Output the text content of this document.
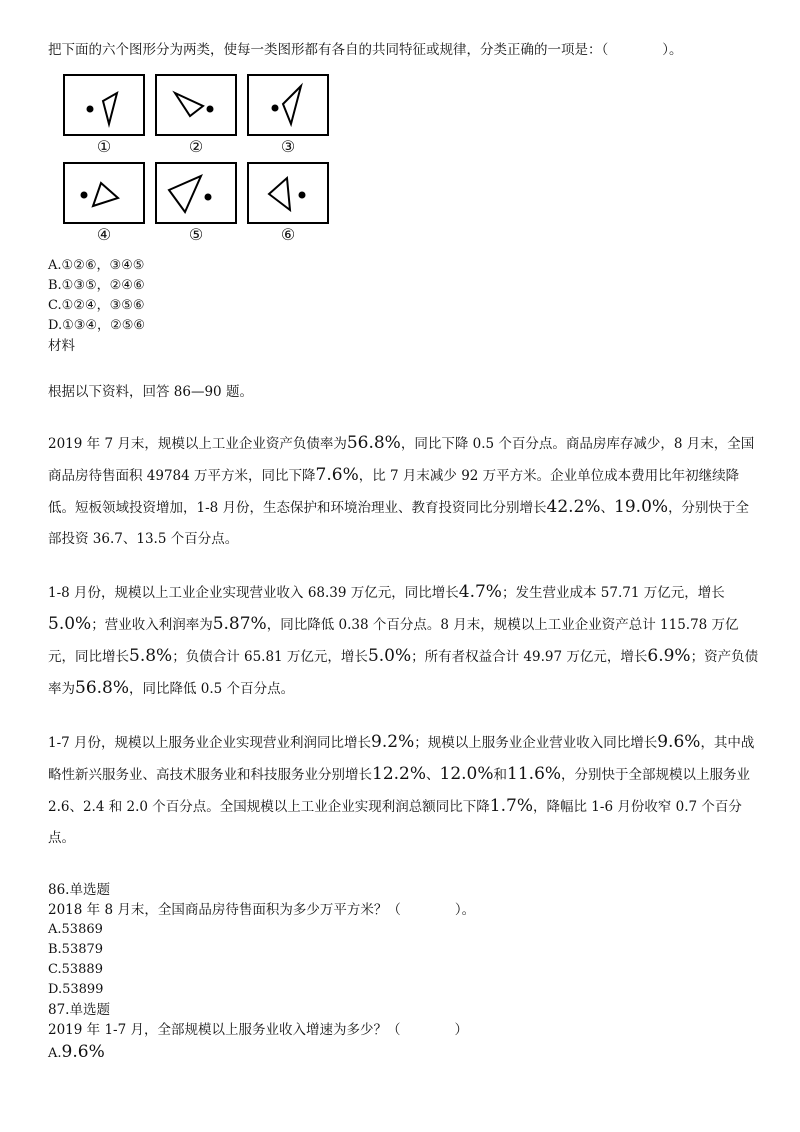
把下面的六个图形分为两类，使每一类图形都有各自的共同特征或规律，分类正确的一项是：（　　　　）。
①	②	③
④	⑤	⑥
A.①②⑥，③④⑤
B.①③⑤，②④⑥
C.①②④，③⑤⑥
D.①③④，②⑤⑥
材料
根据以下资料，回答 86—90 题。

2019 年 7 月末，规模以上工业企业资产负债率为56.8%，同比下降 0.5 个百分点。商品房库存减少，8 月末，全国商品房待售面积 49784 万平方米，同比下降7.6%，比 7 月末减少 92 万平方米。企业单位成本费用比年初继续降低。短板领域投资增加，1-8 月份，生态保护和环境治理业、教育投资同比分别增长42.2%、19.0%，分别快于全部投资 36.7、13.5 个百分点。

1-8 月份，规模以上工业企业实现营业收入 68.39 万亿元，同比增长4.7%；发生营业成本 57.71 万亿元，增长5.0%；营业收入利润率为5.87%，同比降低 0.38 个百分点。8 月末，规模以上工业企业资产总计 115.78 万亿元，同比增长5.8%；负债合计 65.81 万亿元，增长5.0%；所有者权益合计 49.97 万亿元，增长6.9%；资产负债率为56.8%，同比降低 0.5 个百分点。

1-7 月份，规模以上服务业企业实现营业利润同比增长9.2%；规模以上服务业企业营业收入同比增长9.6%，其中战略性新兴服务业、高技术服务业和科技服务业分别增长12.2%、12.0%和11.6%，分别快于全部规模以上服务业 2.6、2.4 和 2.0 个百分点。全国规模以上工业企业实现利润总额同比下降1.7%，降幅比 1-6 月份收窄 0.7 个百分点。

86.单选题
2018 年 8 月末，全国商品房待售面积为多少万平方米？（　　　　）。
A.53869
B.53879
C.53889
D.53899
87.单选题
2019 年 1-7 月，全部规模以上服务业收入增速为多少？（　　　　）
A.9.6%
